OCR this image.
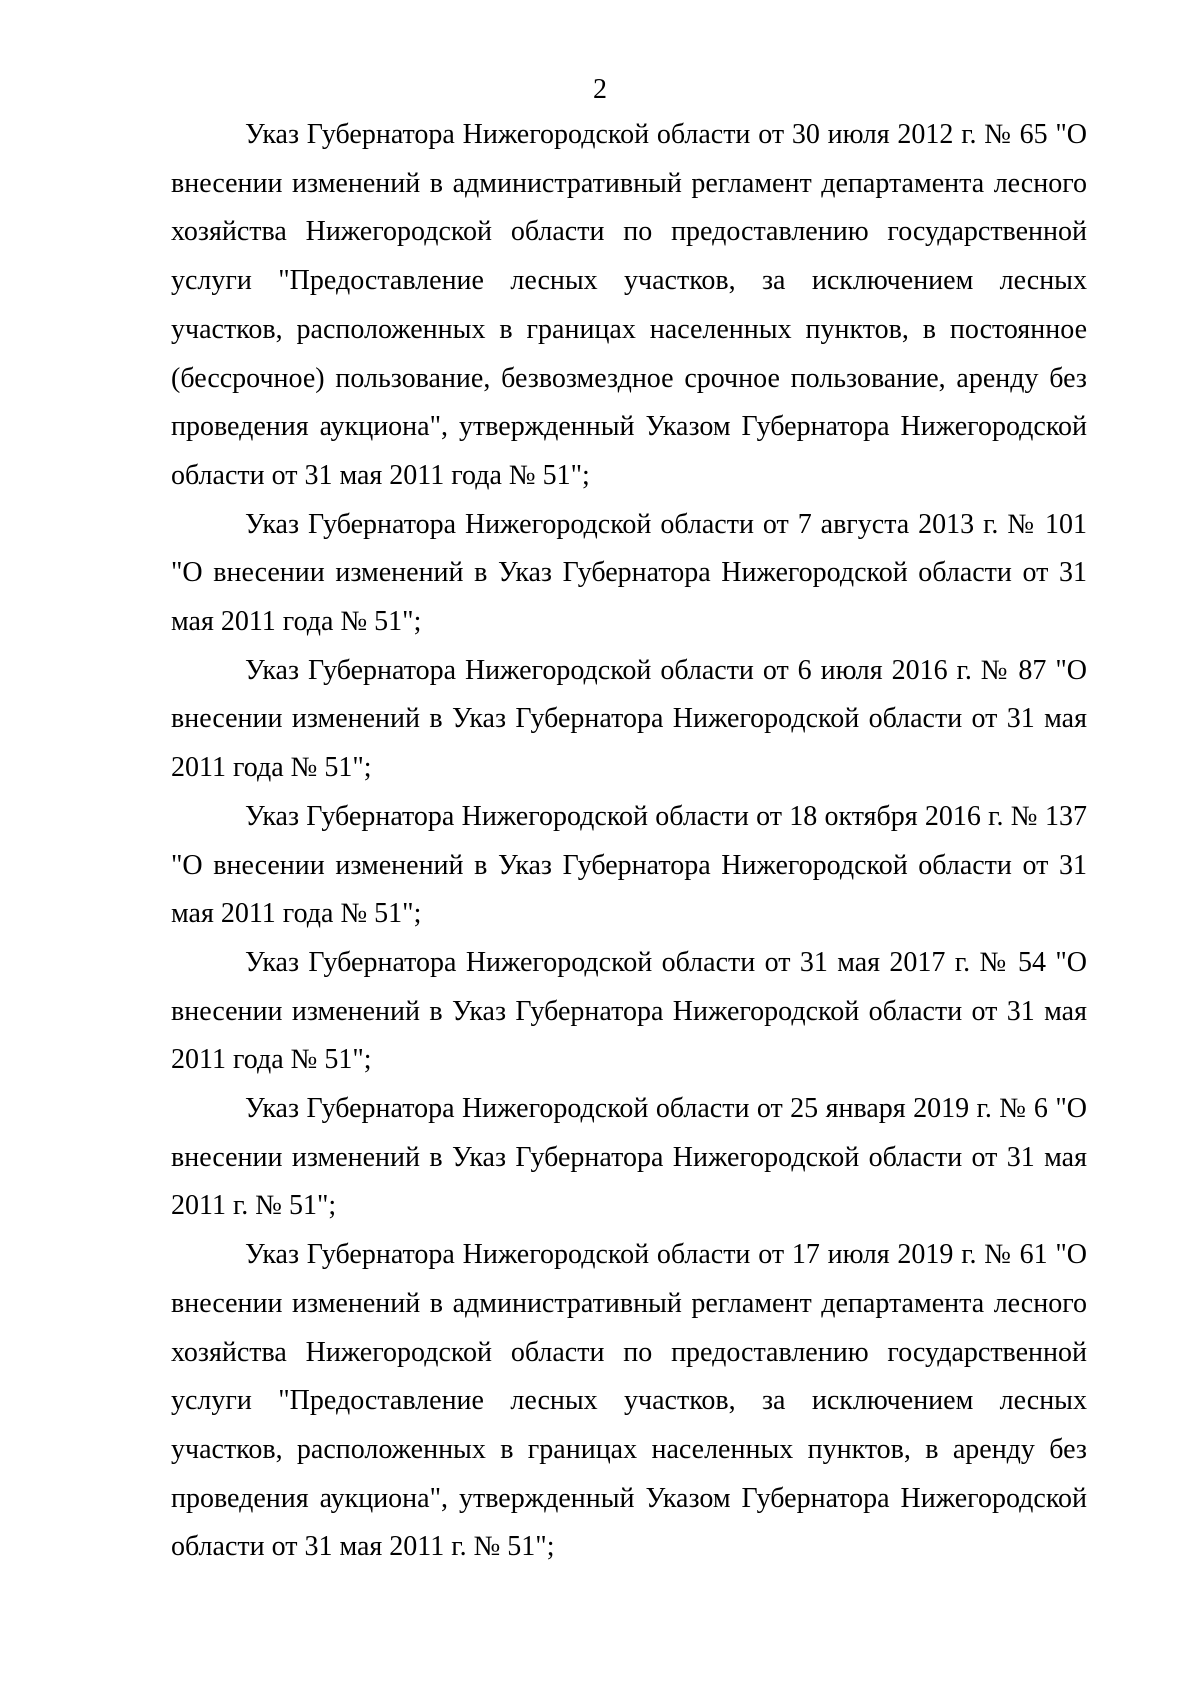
2

Указ Губернатора Нижегородской области от 30 июля 2012 г. № 65 "О внесении изменений в административный регламент департамента лесного хозяйства Нижегородской области по предоставлению государственной услуги "Предоставление лесных участков, за исключением лесных участков, расположенных в границах населенных пунктов, в постоянное (бессрочное) пользование, безвозмездное срочное пользование, аренду без проведения аукциона", утвержденный Указом Губернатора Нижегородской области от 31 мая 2011 года № 51";

Указ Губернатора Нижегородской области от 7 августа 2013 г. № 101 "О внесении изменений в Указ Губернатора Нижегородской области от 31 мая 2011 года № 51";

Указ Губернатора Нижегородской области от 6 июля 2016 г. № 87 "О внесении изменений в Указ Губернатора Нижегородской области от 31 мая 2011 года № 51";

Указ Губернатора Нижегородской области от 18 октября 2016 г. № 137 "О внесении изменений в Указ Губернатора Нижегородской области от 31 мая 2011 года № 51";

Указ Губернатора Нижегородской области от 31 мая 2017 г. № 54 "О внесении изменений в Указ Губернатора Нижегородской области от 31 мая 2011 года № 51";

Указ Губернатора Нижегородской области от 25 января 2019 г. № 6 "О внесении изменений в Указ Губернатора Нижегородской области от 31 мая 2011 г. № 51";

Указ Губернатора Нижегородской области от 17 июля 2019 г. № 61 "О внесении изменений в административный регламент департамента лесного хозяйства Нижегородской области по предоставлению государственной услуги "Предоставление лесных участков, за исключением лесных участков, расположенных в границах населенных пунктов, в аренду без проведения аукциона", утвержденный Указом Губернатора Нижегородской области от 31 мая 2011 г. № 51";
